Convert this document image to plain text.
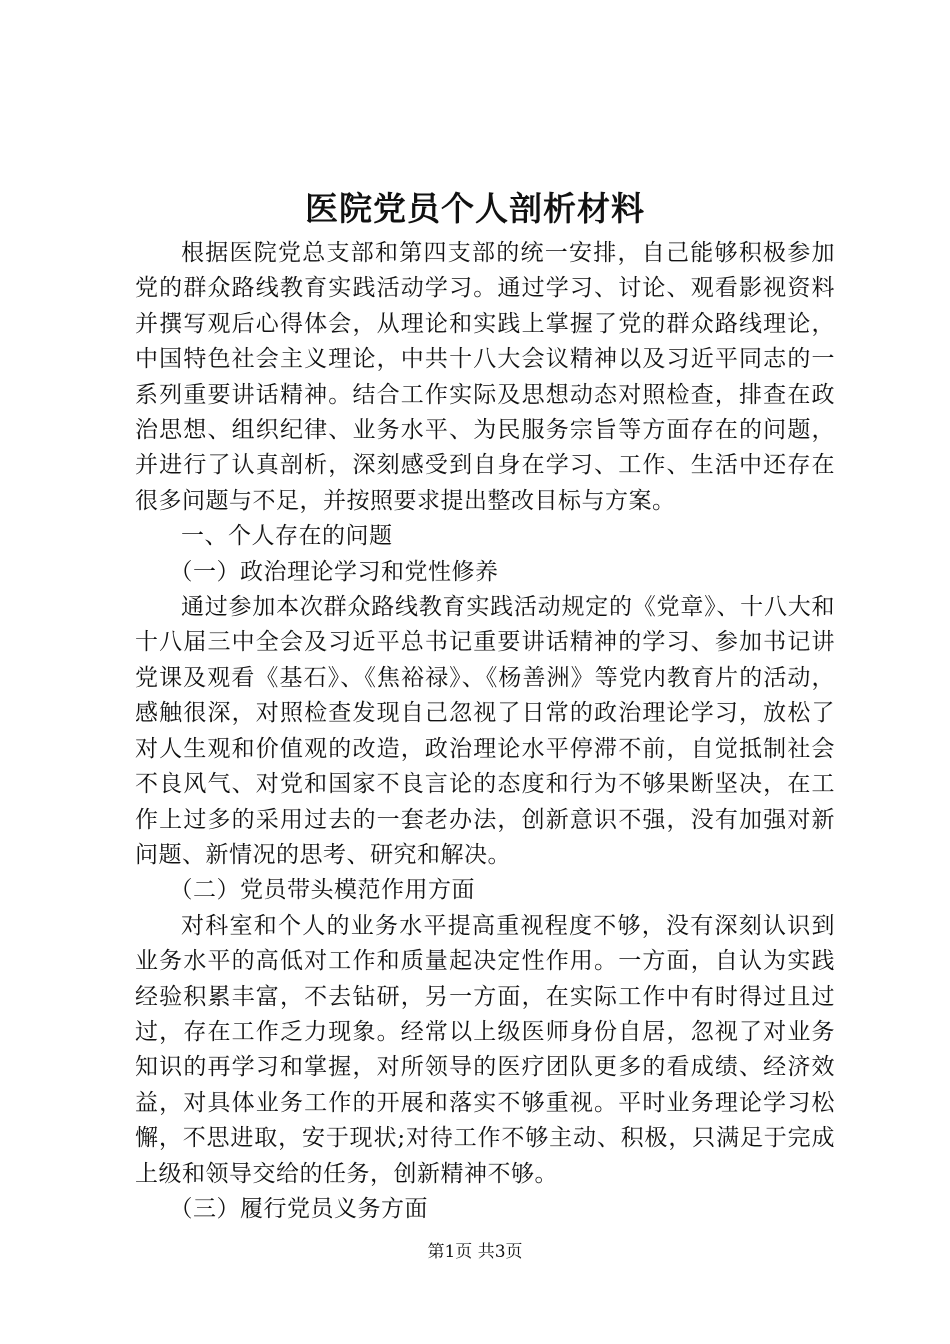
医院党员个人剖析材料

根据医院党总支部和第四支部的统一安排，自己能够积极参加党的群众路线教育实践活动学习。通过学习、讨论、观看影视资料并撰写观后心得体会，从理论和实践上掌握了党的群众路线理论，中国特色社会主义理论，中共十八大会议精神以及习近平同志的一系列重要讲话精神。结合工作实际及思想动态对照检查，排查在政治思想、组织纪律、业务水平、为民服务宗旨等方面存在的问题，并进行了认真剖析，深刻感受到自身在学习、工作、生活中还存在很多问题与不足，并按照要求提出整改目标与方案。

一、个人存在的问题

（一）政治理论学习和党性修养

通过参加本次群众路线教育实践活动规定的《党章》、十八大和十八届三中全会及习近平总书记重要讲话精神的学习、参加书记讲党课及观看《基石》、《焦裕禄》、《杨善洲》等党内教育片的活动，感触很深，对照检查发现自己忽视了日常的政治理论学习，放松了对人生观和价值观的改造，政治理论水平停滞不前，自觉抵制社会不良风气、对党和国家不良言论的态度和行为不够果断坚决，在工作上过多的采用过去的一套老办法，创新意识不强，没有加强对新问题、新情况的思考、研究和解决。

（二）党员带头模范作用方面

对科室和个人的业务水平提高重视程度不够，没有深刻认识到业务水平的高低对工作和质量起决定性作用。一方面，自认为实践经验积累丰富，不去钻研，另一方面，在实际工作中有时得过且过过，存在工作乏力现象。经常以上级医师身份自居，忽视了对业务知识的再学习和掌握，对所领导的医疗团队更多的看成绩、经济效益，对具体业务工作的开展和落实不够重视。平时业务理论学习松懈，不思进取，安于现状;对待工作不够主动、积极，只满足于完成上级和领导交给的任务，创新精神不够。

（三）履行党员义务方面

第1页 共3页
